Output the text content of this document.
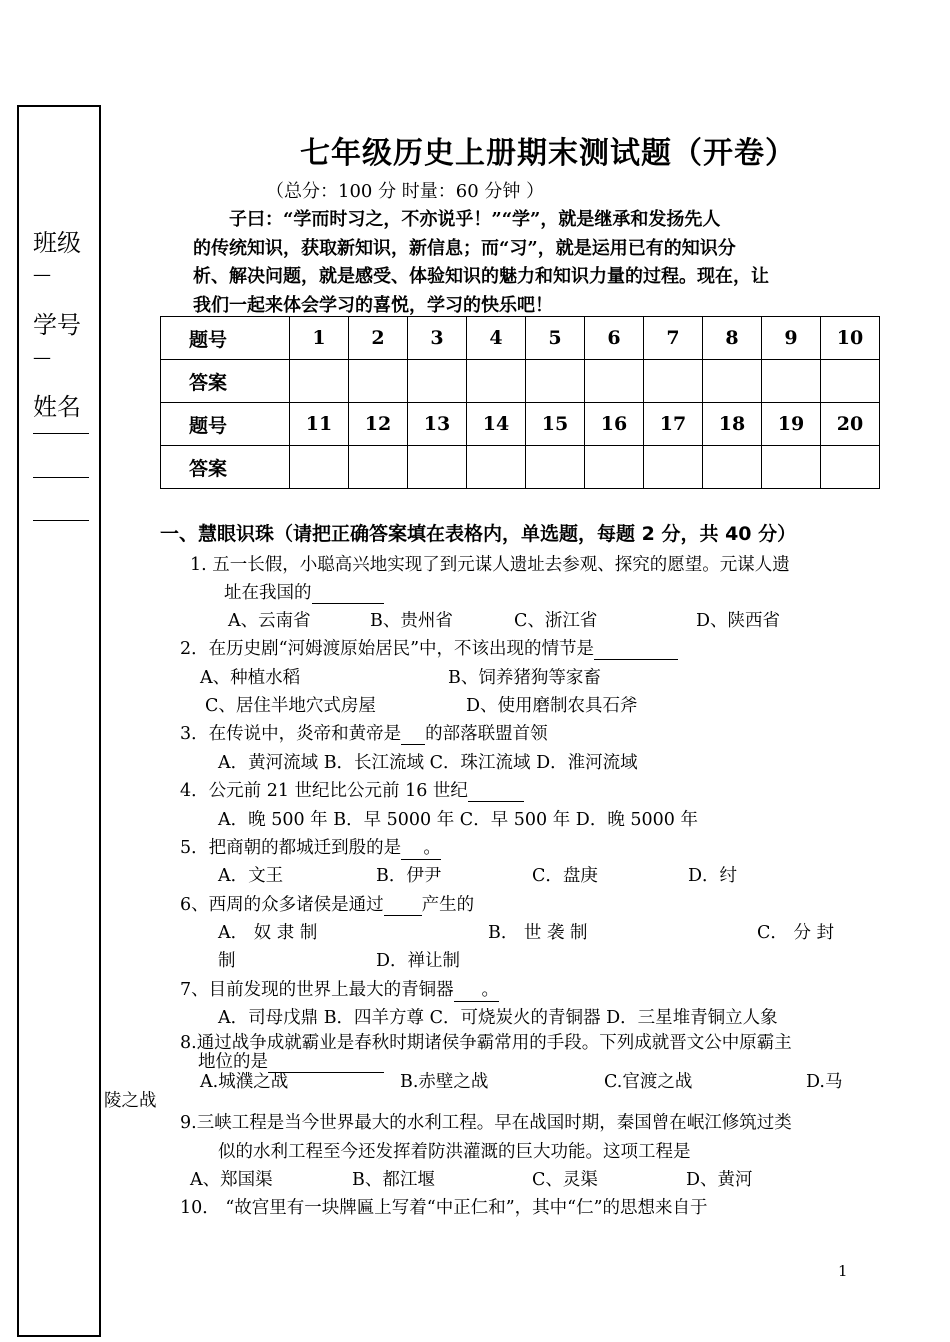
班级
—
学号
—
姓名
七年级历史上册期末测试题（开卷）
（总分：100 分 时量：60 分钟 ）

子曰：“学而时习之，不亦说乎！”“学”，就是继承和发扬先人

的传统知识，获取新知识，新信息；而“习”，就是运用已有的知识分

析、解决问题，就是感受、体验知识的魅力和知识力量的过程。现在，让

我们一起来体会学习的喜悦，学习的快乐吧！

题号	1	2	3	4	5	6	7	8	9	10
答案										
题号	11	12	13	14	15	16	17	18	19	20
答案										
一、慧眼识珠（请把正确答案填在表格内，单选题，每题 2 分，共 40 分）
1. 五一长假，小聪高兴地实现了到元谋人遗址去参观、探究的愿望。元谋人遗
址在我国的
A、云南省	B、贵州省	C、浙江省	D、陕西省
2．在历史剧“河姆渡原始居民”中，不该出现的情节是
A、种植水稻	B、饲养猪狗等家畜
C、居住半地穴式房屋	D、使用磨制农具石斧
3．在传说中，炎帝和黄帝是 的部落联盟首领
A．黄河流域 B．长江流域 C．珠江流域 D．淮河流域
4．公元前 21 世纪比公元前 16 世纪
A．晚 500 年 B．早 5000 年 C．早 500 年 D．晚 5000 年
5．把商朝的都城迁到殷的是    。
A．文王	B．伊尹	C．盘庚	D．纣
6、西周的众多诸侯是通过 产生的
A． 奴 隶 制	B． 世 袭 制	C． 分 封
制	D．禅让制
7、目前发现的世界上最大的青铜器     。
A．司母戊鼎 B．四羊方尊 C．可烧炭火的青铜器 D．三星堆青铜立人象
8.通过战争成就霸业是春秋时期诸侯争霸常用的手段。下列成就晋文公中原霸主
地位的是
A.城濮之战	B.赤壁之战	C.官渡之战	D.马
陵之战
9.三峡工程是当今世界最大的水利工程。早在战国时期，秦国曾在岷江修筑过类
似的水利工程至今还发挥着防洪灌溉的巨大功能。这项工程是
A、郑国渠	B、都江堰	C、灵渠	D、黄河
10． “故宫里有一块牌匾上写着“中正仁和”，其中“仁”的思想来自于
1
